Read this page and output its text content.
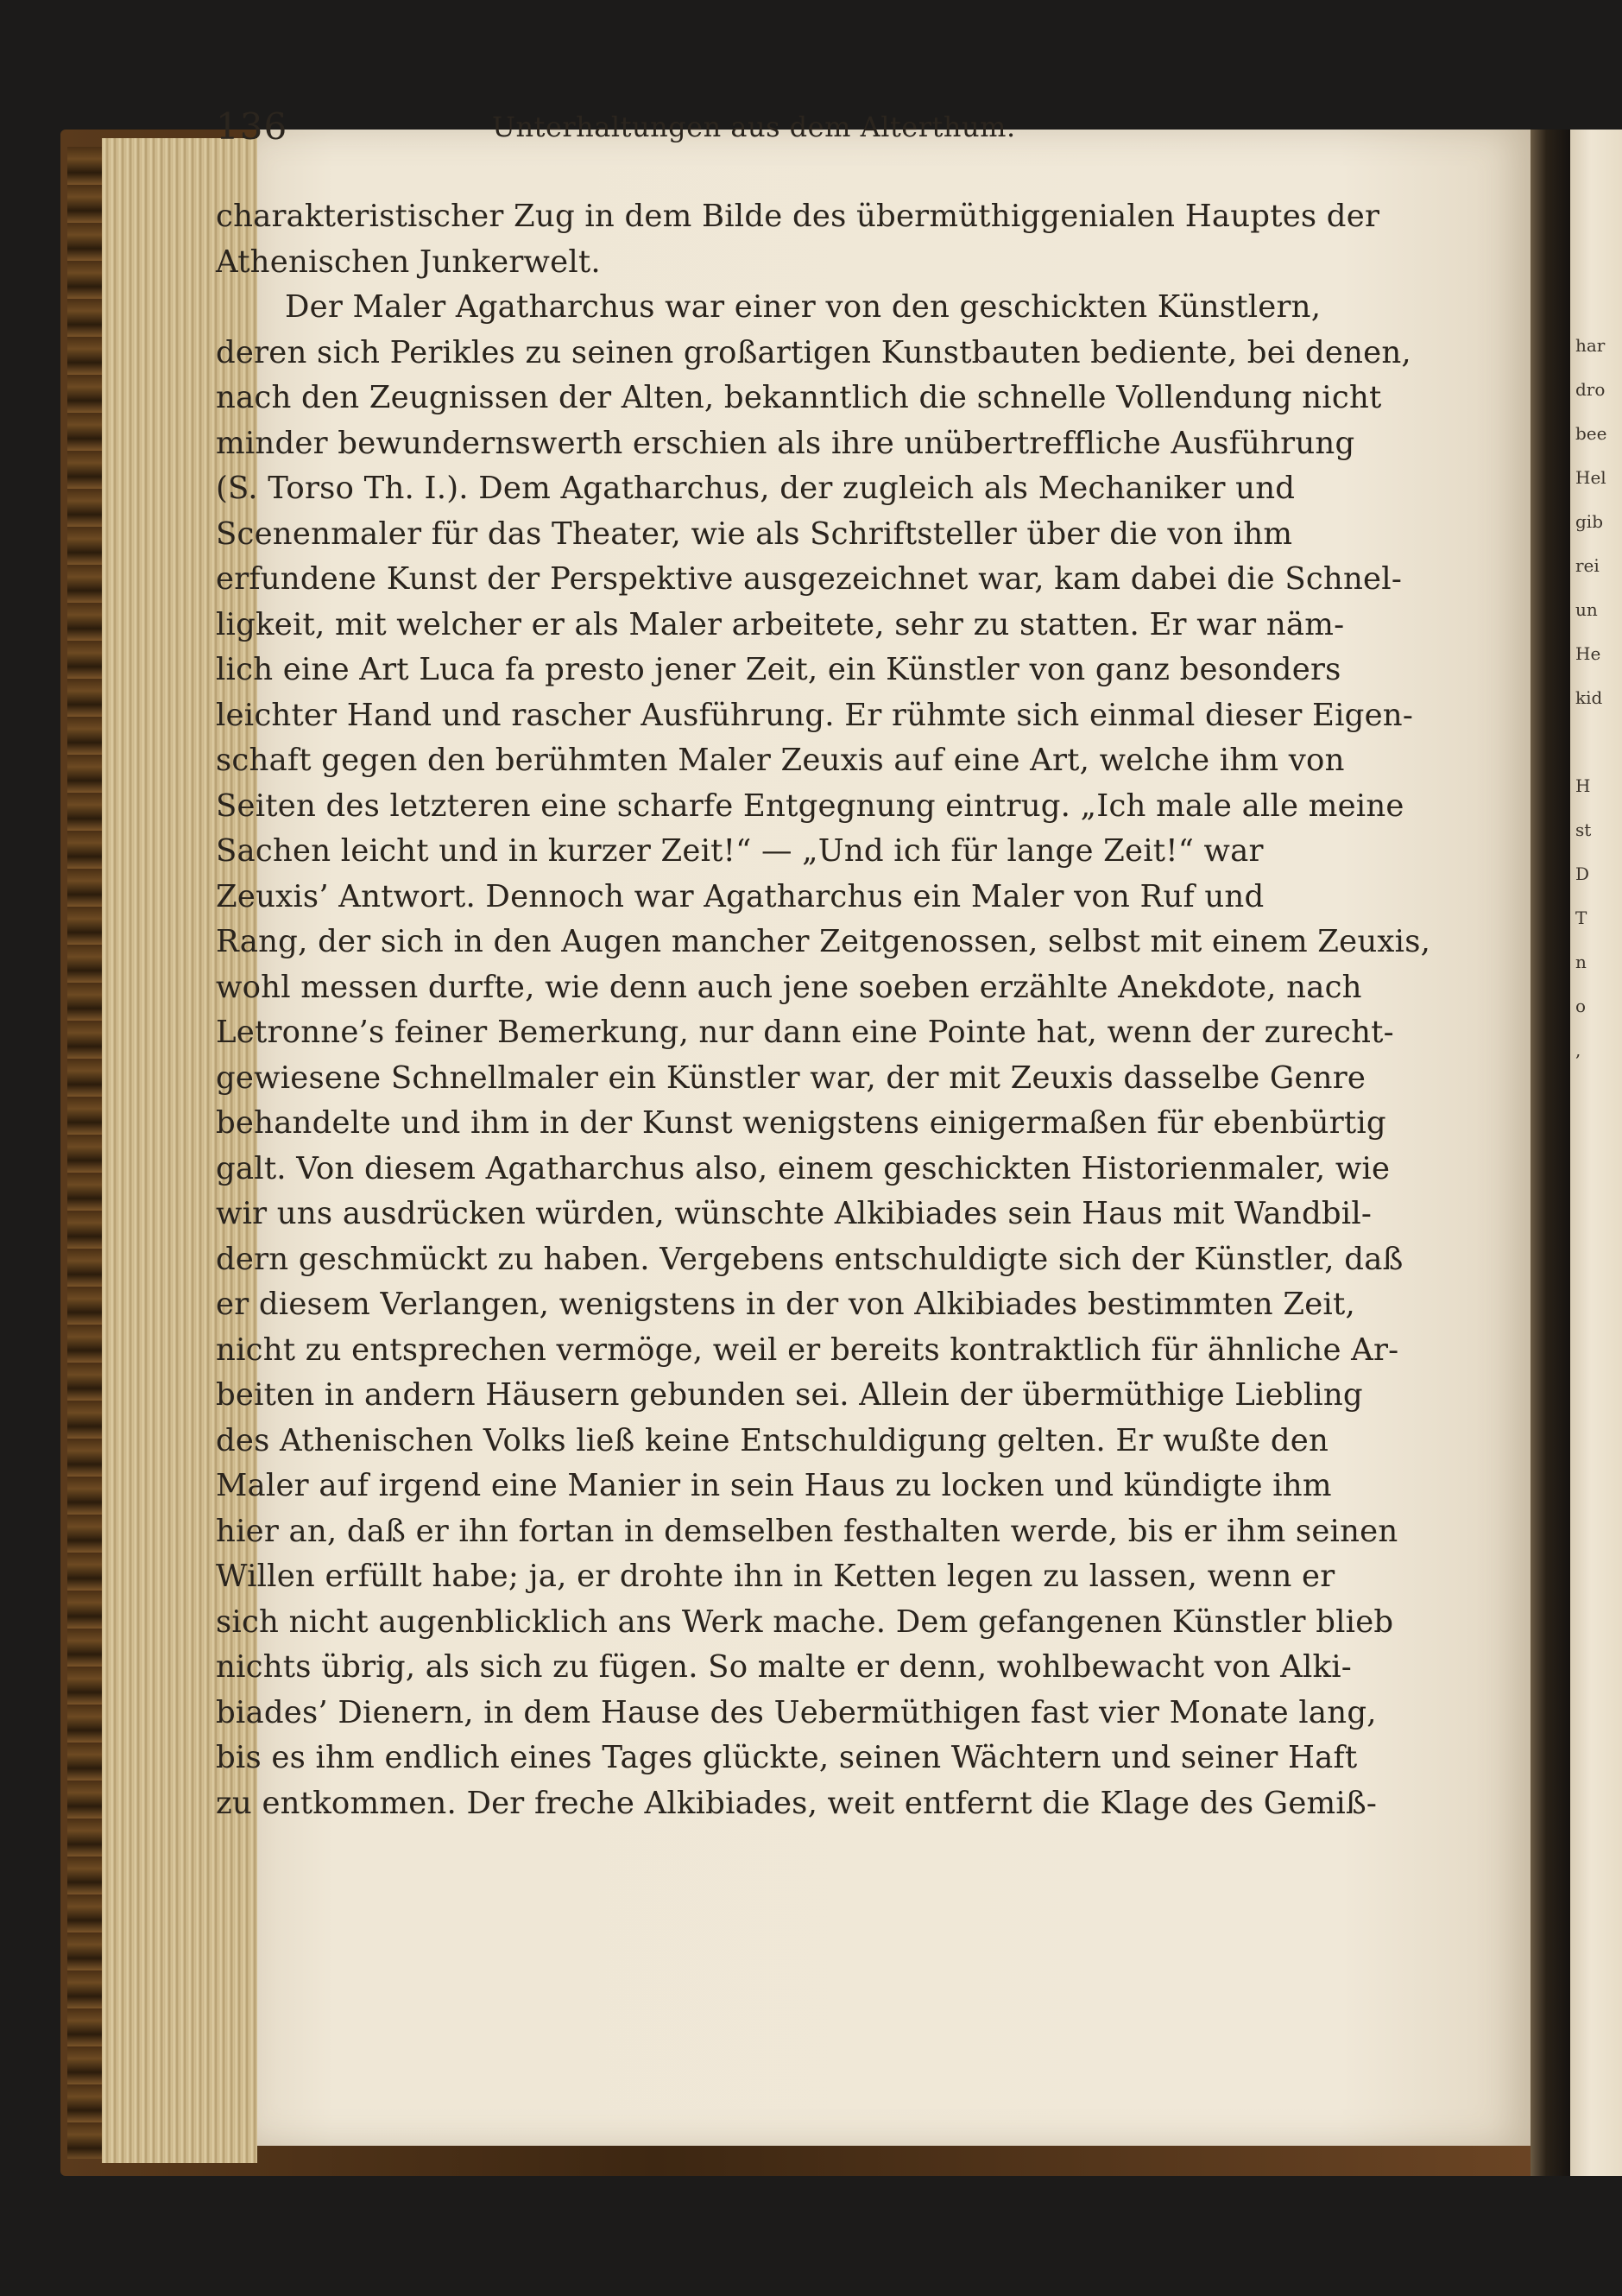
har
dro
bee
Hel
gib
rei
un
He
kid

H
st
D
T
n
o
,
136	Unterhaltungen aus dem Alterthum.
charakteristischer Zug in dem Bilde des übermüthiggenialen Hauptes der
Athenischen Junkerwelt.
Der Maler Agatharchus war einer von den geschickten Künstlern,
deren sich Perikles zu seinen großartigen Kunstbauten bediente, bei denen,
nach den Zeugnissen der Alten, bekanntlich die schnelle Vollendung nicht
minder bewundernswerth erschien als ihre unübertreffliche Ausführung
(S. Torso Th. I.). Dem Agatharchus, der zugleich als Mechaniker und
Scenenmaler für das Theater, wie als Schriftsteller über die von ihm
erfundene Kunst der Perspektive ausgezeichnet war, kam dabei die Schnel-
ligkeit, mit welcher er als Maler arbeitete, sehr zu statten. Er war näm-
lich eine Art Luca fa presto jener Zeit, ein Künstler von ganz besonders
leichter Hand und rascher Ausführung. Er rühmte sich einmal dieser Eigen-
schaft gegen den berühmten Maler Zeuxis auf eine Art, welche ihm von
Seiten des letzteren eine scharfe Entgegnung eintrug. „Ich male alle meine
Sachen leicht und in kurzer Zeit!“ — „Und ich für lange Zeit!“ war
Zeuxis’ Antwort. Dennoch war Agatharchus ein Maler von Ruf und
Rang, der sich in den Augen mancher Zeitgenossen, selbst mit einem Zeuxis,
wohl messen durfte, wie denn auch jene soeben erzählte Anekdote, nach
Letronne’s feiner Bemerkung, nur dann eine Pointe hat, wenn der zurecht-
gewiesene Schnellmaler ein Künstler war, der mit Zeuxis dasselbe Genre
behandelte und ihm in der Kunst wenigstens einigermaßen für ebenbürtig
galt. Von diesem Agatharchus also, einem geschickten Historienmaler, wie
wir uns ausdrücken würden, wünschte Alkibiades sein Haus mit Wandbil-
dern geschmückt zu haben. Vergebens entschuldigte sich der Künstler, daß
er diesem Verlangen, wenigstens in der von Alkibiades bestimmten Zeit,
nicht zu entsprechen vermöge, weil er bereits kontraktlich für ähnliche Ar-
beiten in andern Häusern gebunden sei. Allein der übermüthige Liebling
des Athenischen Volks ließ keine Entschuldigung gelten. Er wußte den
Maler auf irgend eine Manier in sein Haus zu locken und kündigte ihm
hier an, daß er ihn fortan in demselben festhalten werde, bis er ihm seinen
Willen erfüllt habe; ja, er drohte ihn in Ketten legen zu lassen, wenn er
sich nicht augenblicklich ans Werk mache. Dem gefangenen Künstler blieb
nichts übrig, als sich zu fügen. So malte er denn, wohlbewacht von Alki-
biades’ Dienern, in dem Hause des Uebermüthigen fast vier Monate lang,
bis es ihm endlich eines Tages glückte, seinen Wächtern und seiner Haft
zu entkommen. Der freche Alkibiades, weit entfernt die Klage des Gemiß-
